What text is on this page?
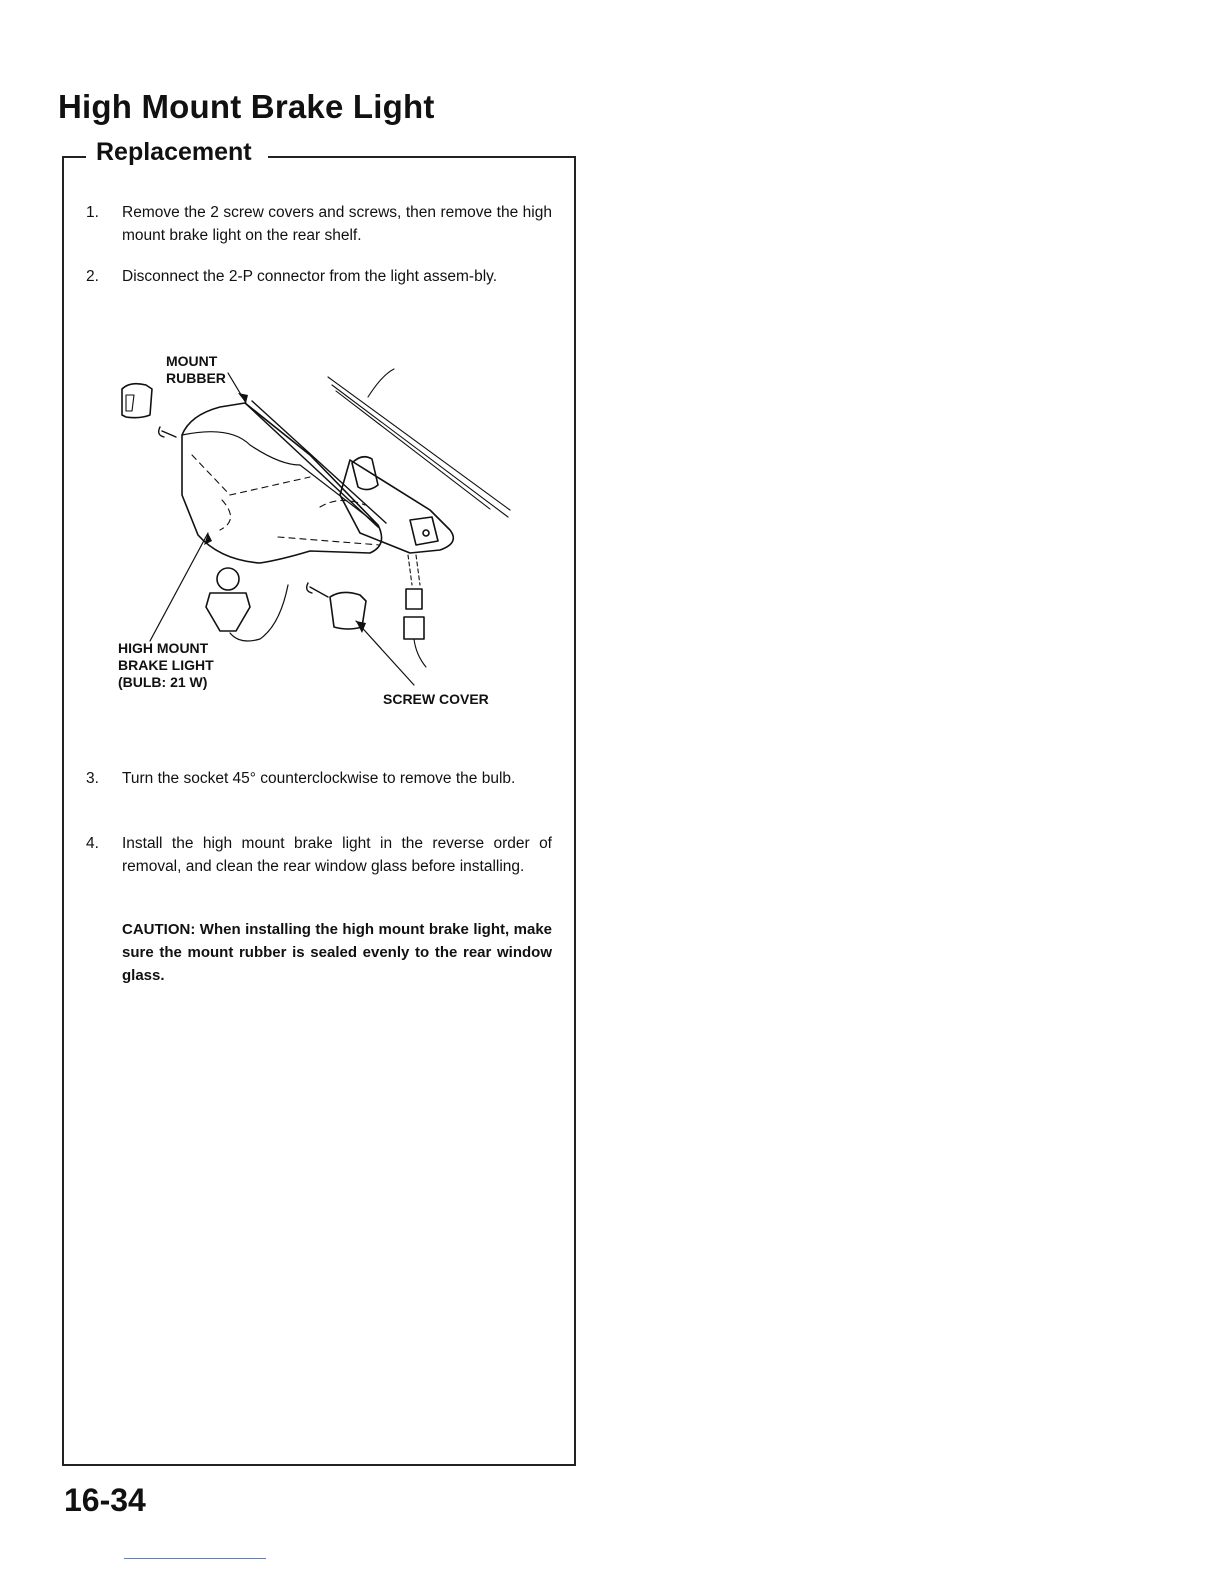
High Mount Brake Light
Replacement
1.	Remove the 2 screw covers and screws, then remove the high mount brake light on the rear shelf.
2.	Disconnect the 2-P connector from the light assem-bly.
MOUNT
RUBBER
HIGH MOUNT
BRAKE LIGHT
(BULB: 21 W)
SCREW COVER
3.	Turn the socket 45° counterclockwise to remove the bulb.
4.	Install the high mount brake light in the reverse order of removal, and clean the rear window glass before installing.
CAUTION: When installing the high mount brake light, make sure the mount rubber is sealed evenly to the rear window glass.
16-34
